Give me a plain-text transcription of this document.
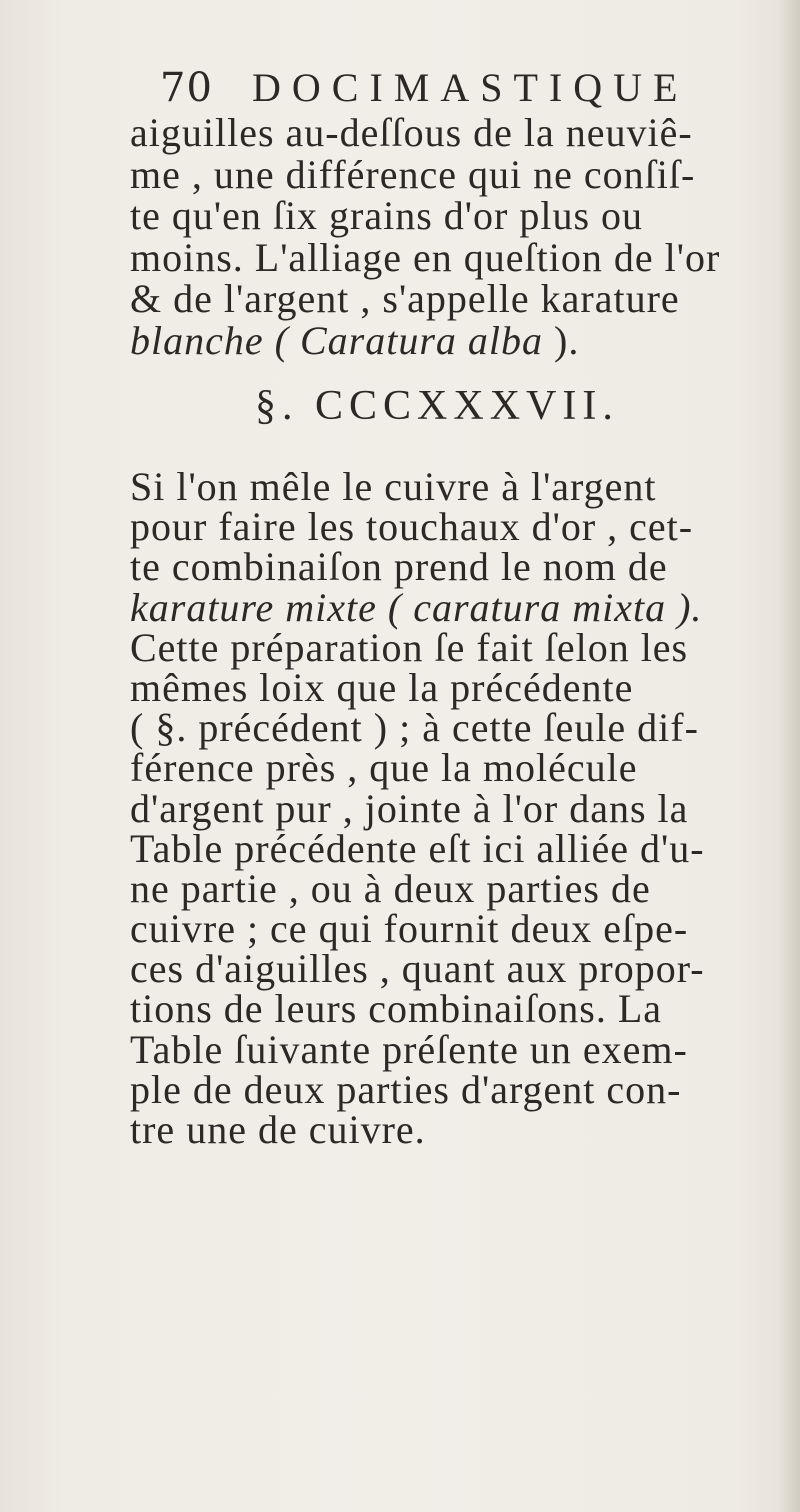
70 DOCIMASTIQUE
aiguilles au-deſſous de la neuviê-
me , une différence qui ne conſiſ-
te qu'en ſix grains d'or plus ou
moins. L'alliage en queſtion de l'or
& de l'argent , s'appelle karature
blanche ( Caratura alba ).
§. CCCXXXVII.
Si l'on mêle le cuivre à l'argent
pour faire les touchaux d'or , cet-
te combinaiſon prend le nom de
karature mixte ( caratura mixta ).
Cette préparation ſe fait ſelon les
mêmes loix que la précédente
( §. précédent ) ; à cette ſeule dif-
férence près , que la molécule
d'argent pur , jointe à l'or dans la
Table précédente eſt ici alliée d'u-
ne partie , ou à deux parties de
cuivre ; ce qui fournit deux eſpe-
ces d'aiguilles , quant aux propor-
tions de leurs combinaiſons. La
Table ſuivante préſente un exem-
ple de deux parties d'argent con-
tre une de cuivre.
